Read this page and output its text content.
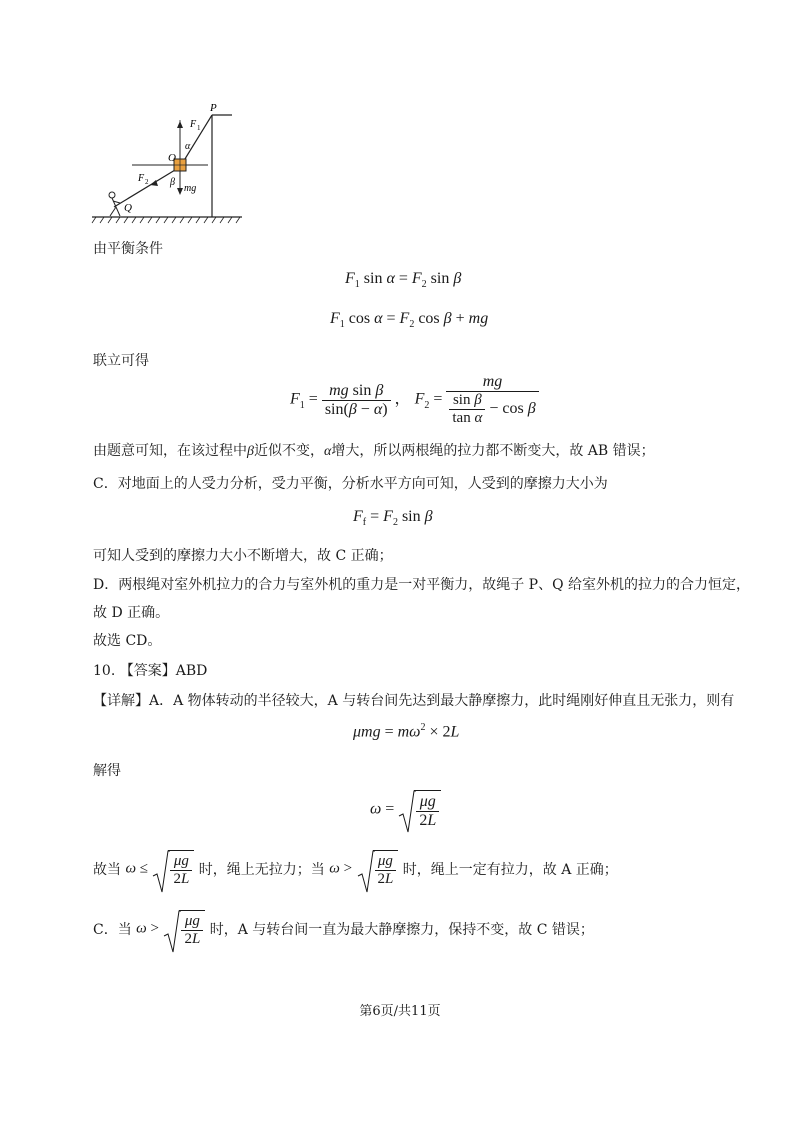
P
F 1
α
O
β
F 2
mg
Q
由平衡条件
$F_1$ $\sin \alpha = F_2$ sin β
$F_1$ $\cos \alpha = F_2$ cos β + mg
联立可得
$F_1 = \frac{\text{mg sin β}}{\sin(\beta - \alpha)}$ ， $F_2 = \frac{mg}{\frac{\text{sin β}}{\text{tan α}} - \cos \beta}$
由题意可知，在该过程中β近似不变，α增大，所以两根绳的拉力都不断变大，故 AB 错误；
C．对地面上的人受力分析，受力平衡，分析水平方向可知，人受到的摩擦力大小为
$F_f = F_2$ sin β
可知人受到的摩擦力大小不断增大，故 C 正确；
D．两根绳对室外机拉力的合力与室外机的重力是一对平衡力，故绳子 P、Q 给室外机的拉力的合力恒定，
故 D 正确。
故选 CD。
10. 【答案】ABD
【详解】A．A 物体转动的半径较大，A 与转台间先达到最大静摩擦力，此时绳刚好伸直且无张力，则有
$\mu mg = m\omega^2 \times 2L$
解得
$\omega = \frac{\mu g}{2L}$
故当 $\omega \le \frac{\mu g}{2L}$ 时，绳上无拉力；当 $\omega > \frac{\mu g}{2L}$ 时，绳上一定有拉力，故 A 正确；
C．当 $\omega > \frac{\mu g}{2L}$ 时，A 与转台间一直为最大静摩擦力，保持不变，故 C 错误；
第6页/共11页
